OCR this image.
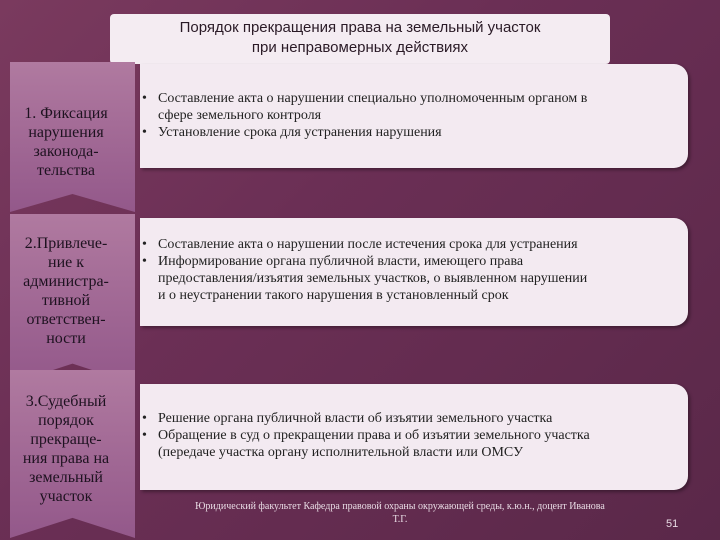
Порядок прекращения права на земельный участок
при неправомерных действиях
1. Фиксация
нарушения
законода-
тельства
• Составление акта о нарушении специально уполномоченным органом в
сфере земельного контроля
• Установление срока для устранения нарушения
2.Привлече-
ние к
администра-
тивной
ответствен-
ности
• Составление акта о нарушении после истечения срока для устранения
• Информирование органа публичной власти, имеющего права
предоставления/изъятия земельных участков, о выявленном нарушении
и о неустранении такого нарушения в установленный срок
3.Судебный
порядок
прекраще-
ния права на
земельный
участок
• Решение органа публичной власти об изъятии земельного участка
• Обращение в суд о прекращении права и об изъятии земельного участка
(передаче участка органу исполнительной власти или ОМСУ
Юридический факультет Кафедра правовой охраны окружающей среды, к.ю.н., доцент Иванова
Т.Г.	51
